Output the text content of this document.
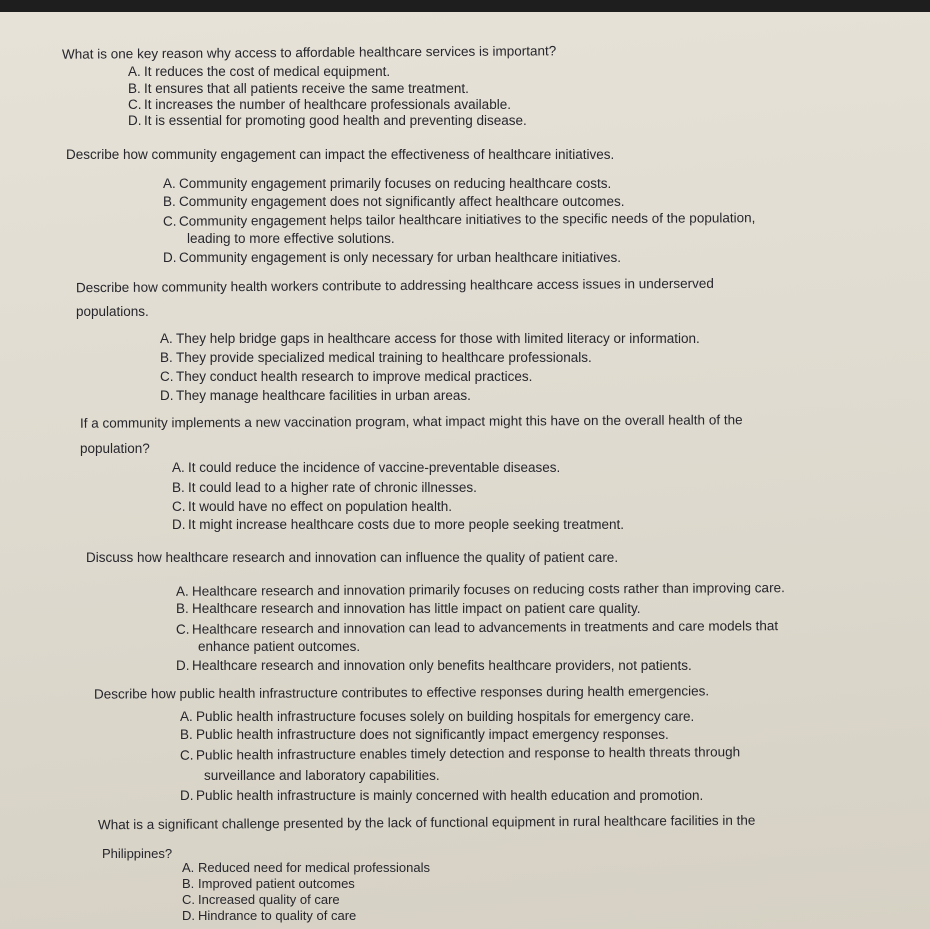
What is one key reason why access to affordable healthcare services is important?
A. It reduces the cost of medical equipment.
B. It ensures that all patients receive the same treatment.
C. It increases the number of healthcare professionals available.
D. It is essential for promoting good health and preventing disease.
Describe how community engagement can impact the effectiveness of healthcare initiatives.
A. Community engagement primarily focuses on reducing healthcare costs.
B. Community engagement does not significantly affect healthcare outcomes.
C. Community engagement helps tailor healthcare initiatives to the specific needs of the population,
leading to more effective solutions.
D. Community engagement is only necessary for urban healthcare initiatives.
Describe how community health workers contribute to addressing healthcare access issues in underserved
populations.
A. They help bridge gaps in healthcare access for those with limited literacy or information.
B. They provide specialized medical training to healthcare professionals.
C. They conduct health research to improve medical practices.
D. They manage healthcare facilities in urban areas.
If a community implements a new vaccination program, what impact might this have on the overall health of the
population?
A. It could reduce the incidence of vaccine-preventable diseases.
B. It could lead to a higher rate of chronic illnesses.
C. It would have no effect on population health.
D. It might increase healthcare costs due to more people seeking treatment.
Discuss how healthcare research and innovation can influence the quality of patient care.
A. Healthcare research and innovation primarily focuses on reducing costs rather than improving care.
B. Healthcare research and innovation has little impact on patient care quality.
C. Healthcare research and innovation can lead to advancements in treatments and care models that
enhance patient outcomes.
D. Healthcare research and innovation only benefits healthcare providers, not patients.
Describe how public health infrastructure contributes to effective responses during health emergencies.
A. Public health infrastructure focuses solely on building hospitals for emergency care.
B. Public health infrastructure does not significantly impact emergency responses.
C. Public health infrastructure enables timely detection and response to health threats through
surveillance and laboratory capabilities.
D. Public health infrastructure is mainly concerned with health education and promotion.
What is a significant challenge presented by the lack of functional equipment in rural healthcare facilities in the
Philippines?
A. Reduced need for medical professionals
B. Improved patient outcomes
C. Increased quality of care
D. Hindrance to quality of care
